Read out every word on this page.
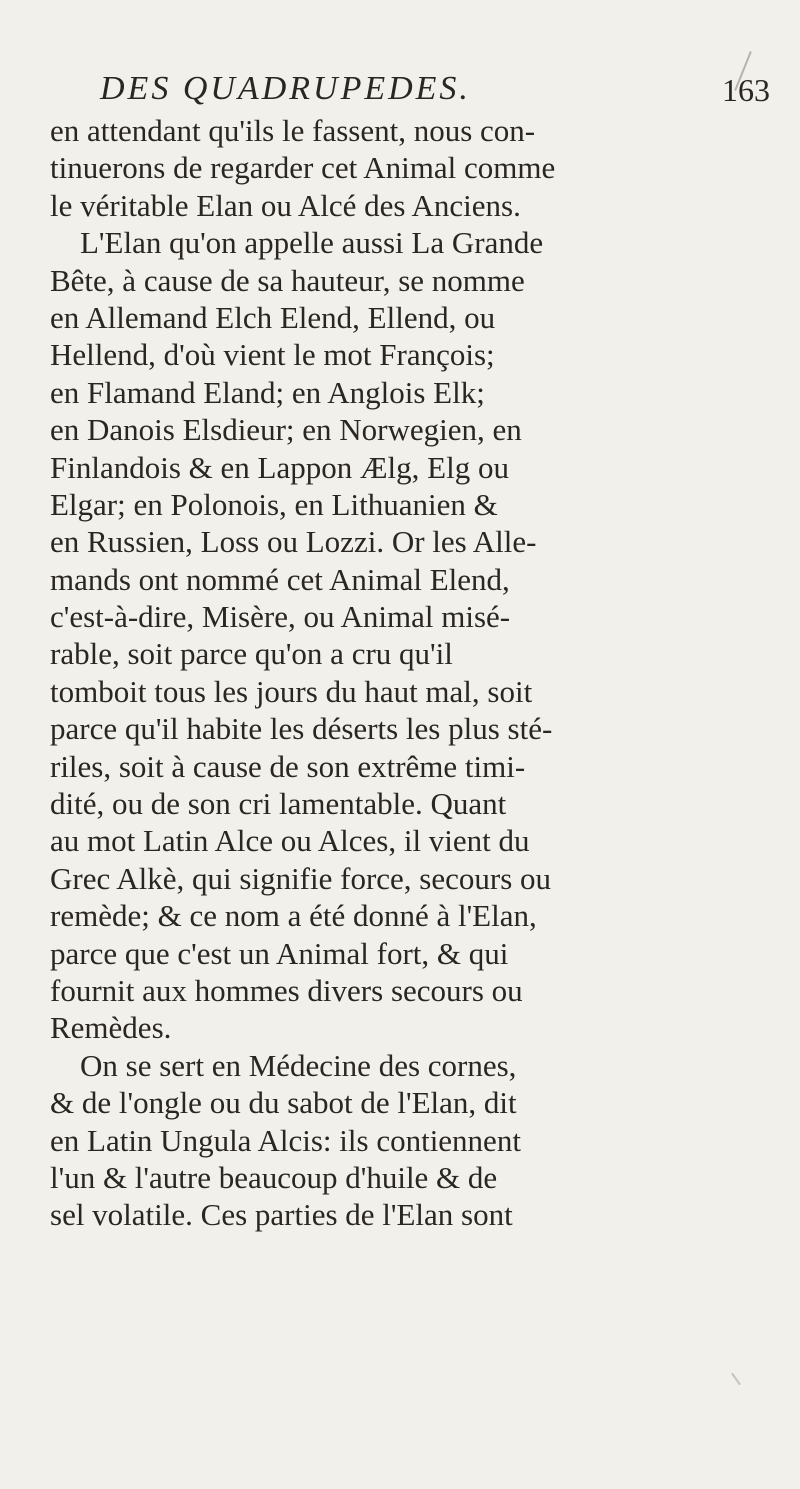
DES QUADRUPEDES.	163
en attendant qu'ils le fassent, nous con-
tinuerons de regarder cet Animal comme
le véritable Elan ou Alcé des Anciens.
L'Elan qu'on appelle aussi La Grande
Bête, à cause de sa hauteur, se nomme
en Allemand Elch Elend, Ellend, ou
Hellend, d'où vient le mot François;
en Flamand Eland; en Anglois Elk;
en Danois Elsdieur; en Norwegien, en
Finlandois & en Lappon Ælg, Elg ou
Elgar; en Polonois, en Lithuanien &
en Russien, Loss ou Lozzi. Or les Alle-
mands ont nommé cet Animal Elend,
c'est-à-dire, Misère, ou Animal misé-
rable, soit parce qu'on a cru qu'il
tomboit tous les jours du haut mal, soit
parce qu'il habite les déserts les plus sté-
riles, soit à cause de son extrême timi-
dité, ou de son cri lamentable. Quant
au mot Latin Alce ou Alces, il vient du
Grec Alkè, qui signifie force, secours ou
remède; & ce nom a été donné à l'Elan,
parce que c'est un Animal fort, & qui
fournit aux hommes divers secours ou
Remèdes.
On se sert en Médecine des cornes,
& de l'ongle ou du sabot de l'Elan, dit
en Latin Ungula Alcis: ils contiennent
l'un & l'autre beaucoup d'huile & de
sel volatile. Ces parties de l'Elan sont
